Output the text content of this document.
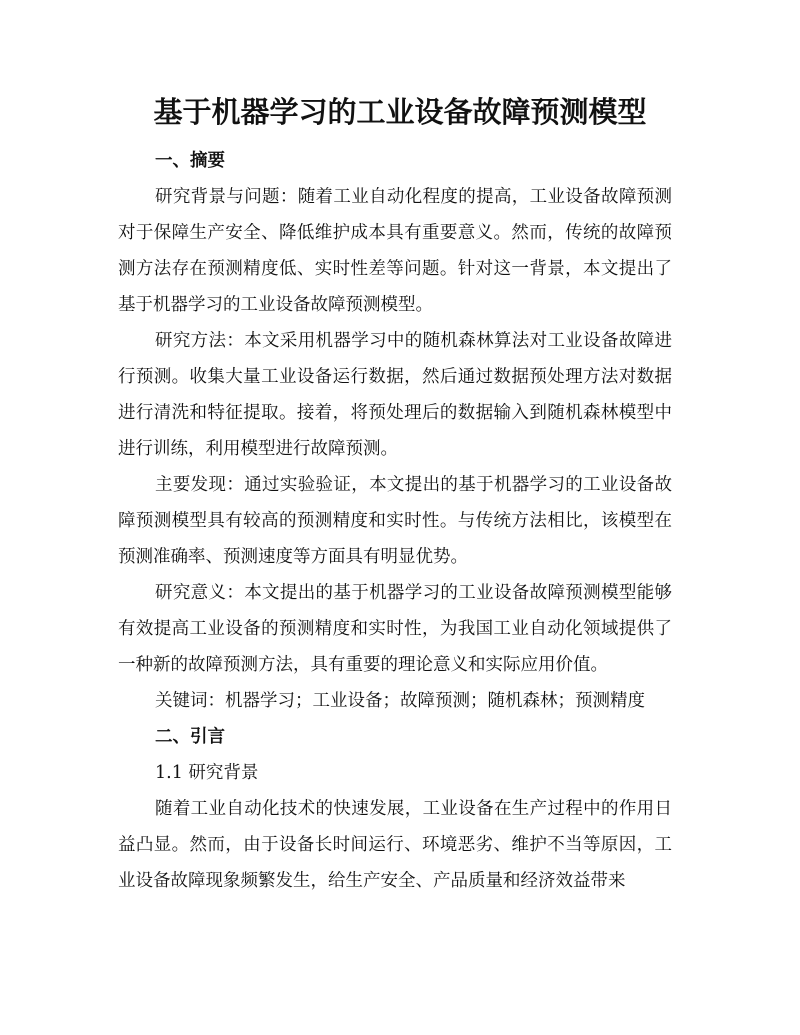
基于机器学习的工业设备故障预测模型

一、摘要

研究背景与问题：随着工业自动化程度的提高，工业设备故障预测对于保障生产安全、降低维护成本具有重要意义。然而，传统的故障预测方法存在预测精度低、实时性差等问题。针对这一背景，本文提出了基于机器学习的工业设备故障预测模型。

研究方法：本文采用机器学习中的随机森林算法对工业设备故障进行预测。收集大量工业设备运行数据，然后通过数据预处理方法对数据进行清洗和特征提取。接着，将预处理后的数据输入到随机森林模型中进行训练，利用模型进行故障预测。

主要发现：通过实验验证，本文提出的基于机器学习的工业设备故障预测模型具有较高的预测精度和实时性。与传统方法相比，该模型在预测准确率、预测速度等方面具有明显优势。

研究意义：本文提出的基于机器学习的工业设备故障预测模型能够有效提高工业设备的预测精度和实时性，为我国工业自动化领域提供了一种新的故障预测方法，具有重要的理论意义和实际应用价值。

关键词：机器学习；工业设备；故障预测；随机森林；预测精度

二、引言

1.1 研究背景

随着工业自动化技术的快速发展，工业设备在生产过程中的作用日益凸显。然而，由于设备长时间运行、环境恶劣、维护不当等原因，工业设备故障现象频繁发生，给生产安全、产品质量和经济效益带来
